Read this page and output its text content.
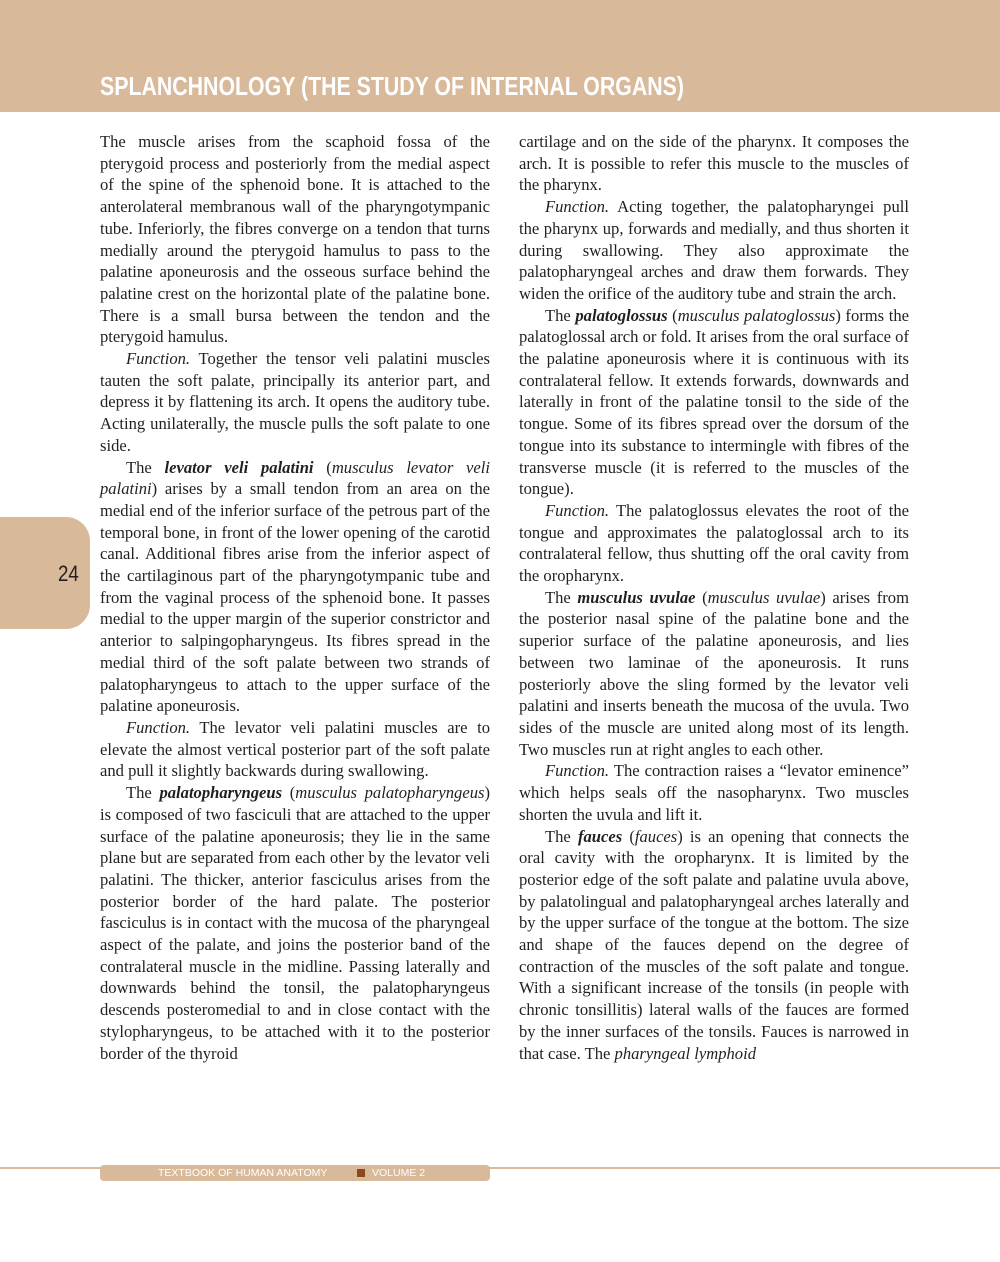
SPLANCHNOLOGY (THE STUDY OF INTERNAL ORGANS)
24

The muscle arises from the scaphoid fossa of the pterygoid process and posteriorly from the medial aspect of the spine of the sphenoid bone. It is attached to the anterolateral membranous wall of the pharyngotympanic tube. Inferiorly, the fibres converge on a tendon that turns medially around the pterygoid hamulus to pass to the palatine aponeurosis and the osseous surface behind the palatine crest on the horizontal plate of the palatine bone. There is a small bursa between the tendon and the pterygoid hamulus.

Function. Together the tensor veli palatini muscles tauten the soft palate, principally its anterior part, and depress it by flattening its arch. It opens the auditory tube. Acting unilaterally, the muscle pulls the soft palate to one side.

The levator veli palatini (musculus levator veli palatini) arises by a small tendon from an area on the medial end of the inferior surface of the petrous part of the temporal bone, in front of the lower opening of the carotid canal. Additional fibres arise from the inferior aspect of the cartilaginous part of the pharyngotympanic tube and from the vaginal process of the sphenoid bone. It passes medial to the upper margin of the superior constrictor and anterior to salpingopharyngeus. Its fibres spread in the medial third of the soft palate between two strands of palatopharyngeus to attach to the upper surface of the palatine aponeurosis.

Function. The levator veli palatini muscles are to elevate the almost vertical posterior part of the soft palate and pull it slightly backwards during swallowing.

The palatopharyngeus (musculus palatopharyngeus) is composed of two fasciculi that are attached to the upper surface of the palatine aponeurosis; they lie in the same plane but are separated from each other by the levator veli palatini. The thicker, anterior fasciculus arises from the posterior border of the hard palate. The posterior fasciculus is in contact with the mucosa of the pharyngeal aspect of the palate, and joins the posterior band of the contralateral muscle in the midline. Passing laterally and downwards behind the tonsil, the palatopharyngeus descends posteromedial to and in close contact with the stylopharyngeus, to be attached with it to the posterior border of the thyroid

cartilage and on the side of the pharynx. It composes the arch. It is possible to refer this muscle to the muscles of the pharynx.

Function. Acting together, the palatopharyngei pull the pharynx up, forwards and medially, and thus shorten it during swallowing. They also approximate the palatopharyngeal arches and draw them forwards. They widen the orifice of the auditory tube and strain the arch.

The palatoglossus (musculus palatoglossus) forms the palatoglossal arch or fold. It arises from the oral surface of the palatine aponeurosis where it is continuous with its contralateral fellow. It extends forwards, downwards and laterally in front of the palatine tonsil to the side of the tongue. Some of its fibres spread over the dorsum of the tongue into its substance to intermingle with fibres of the transverse muscle (it is referred to the muscles of the tongue).

Function. The palatoglossus elevates the root of the tongue and approximates the palatoglossal arch to its contralateral fellow, thus shutting off the oral cavity from the oropharynx.

The musculus uvulae (musculus uvulae) arises from the posterior nasal spine of the palatine bone and the superior surface of the palatine aponeurosis, and lies between two laminae of the aponeurosis. It runs posteriorly above the sling formed by the levator veli palatini and inserts beneath the mucosa of the uvula. Two sides of the muscle are united along most of its length. Two muscles run at right angles to each other.

Function. The contraction raises a “levator eminence” which helps seals off the nasopharynx. Two muscles shorten the uvula and lift it.

The fauces (fauces) is an opening that connects the oral cavity with the oropharynx. It is limited by the posterior edge of the soft palate and palatine uvula above, by palatolingual and palatopharyngeal arches laterally and by the upper surface of the tongue at the bottom. The size and shape of the fauces depend on the degree of contraction of the muscles of the soft palate and tongue. With a significant increase of the tonsils (in people with chronic tonsillitis) lateral walls of the fauces are formed by the inner surfaces of the tonsils. Fauces is narrowed in that case. The pharyngeal lymphoid

TEXTBOOK OF HUMAN ANATOMY	VOLUME 2
